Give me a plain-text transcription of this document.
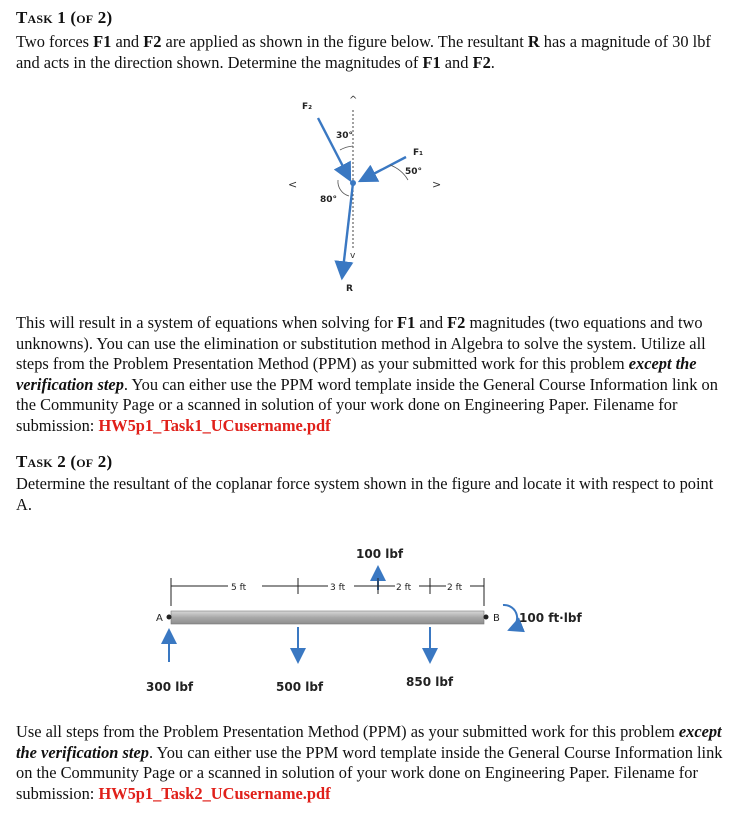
Task 1 (of 2)
Two forces F1 and F2 are applied as shown in the figure below. The resultant R has a magnitude of 30 lbf and acts in the direction shown. Determine the magnitudes of F1 and F2.
^
v
<	>
F₂
F₁
30°
50°
80°
R
This will result in a system of equations when solving for F1 and F2 magnitudes (two equations and two unknowns). You can use the elimination or substitution method in Algebra to solve the system. Utilize all steps from the Problem Presentation Method (PPM) as your submitted work for this problem except the verification step. You can either use the PPM word template inside the General Course Information link on the Community Page or a scanned in solution of your work done on Engineering Paper. Filename for submission: HW5p1_Task1_UCusername.pdf
Task 2 (of 2)
Determine the resultant of the coplanar force system shown in the figure and locate it with respect to point A.
100 lbf
5 ft	3 ft	2 ft	2 ft
A	B 100 ft·lbf
300 lbf	500 lbf	850 lbf
Use all steps from the Problem Presentation Method (PPM) as your submitted work for this problem except the verification step. You can either use the PPM word template inside the General Course Information link on the Community Page or a scanned in solution of your work done on Engineering Paper. Filename for submission: HW5p1_Task2_UCusername.pdf
